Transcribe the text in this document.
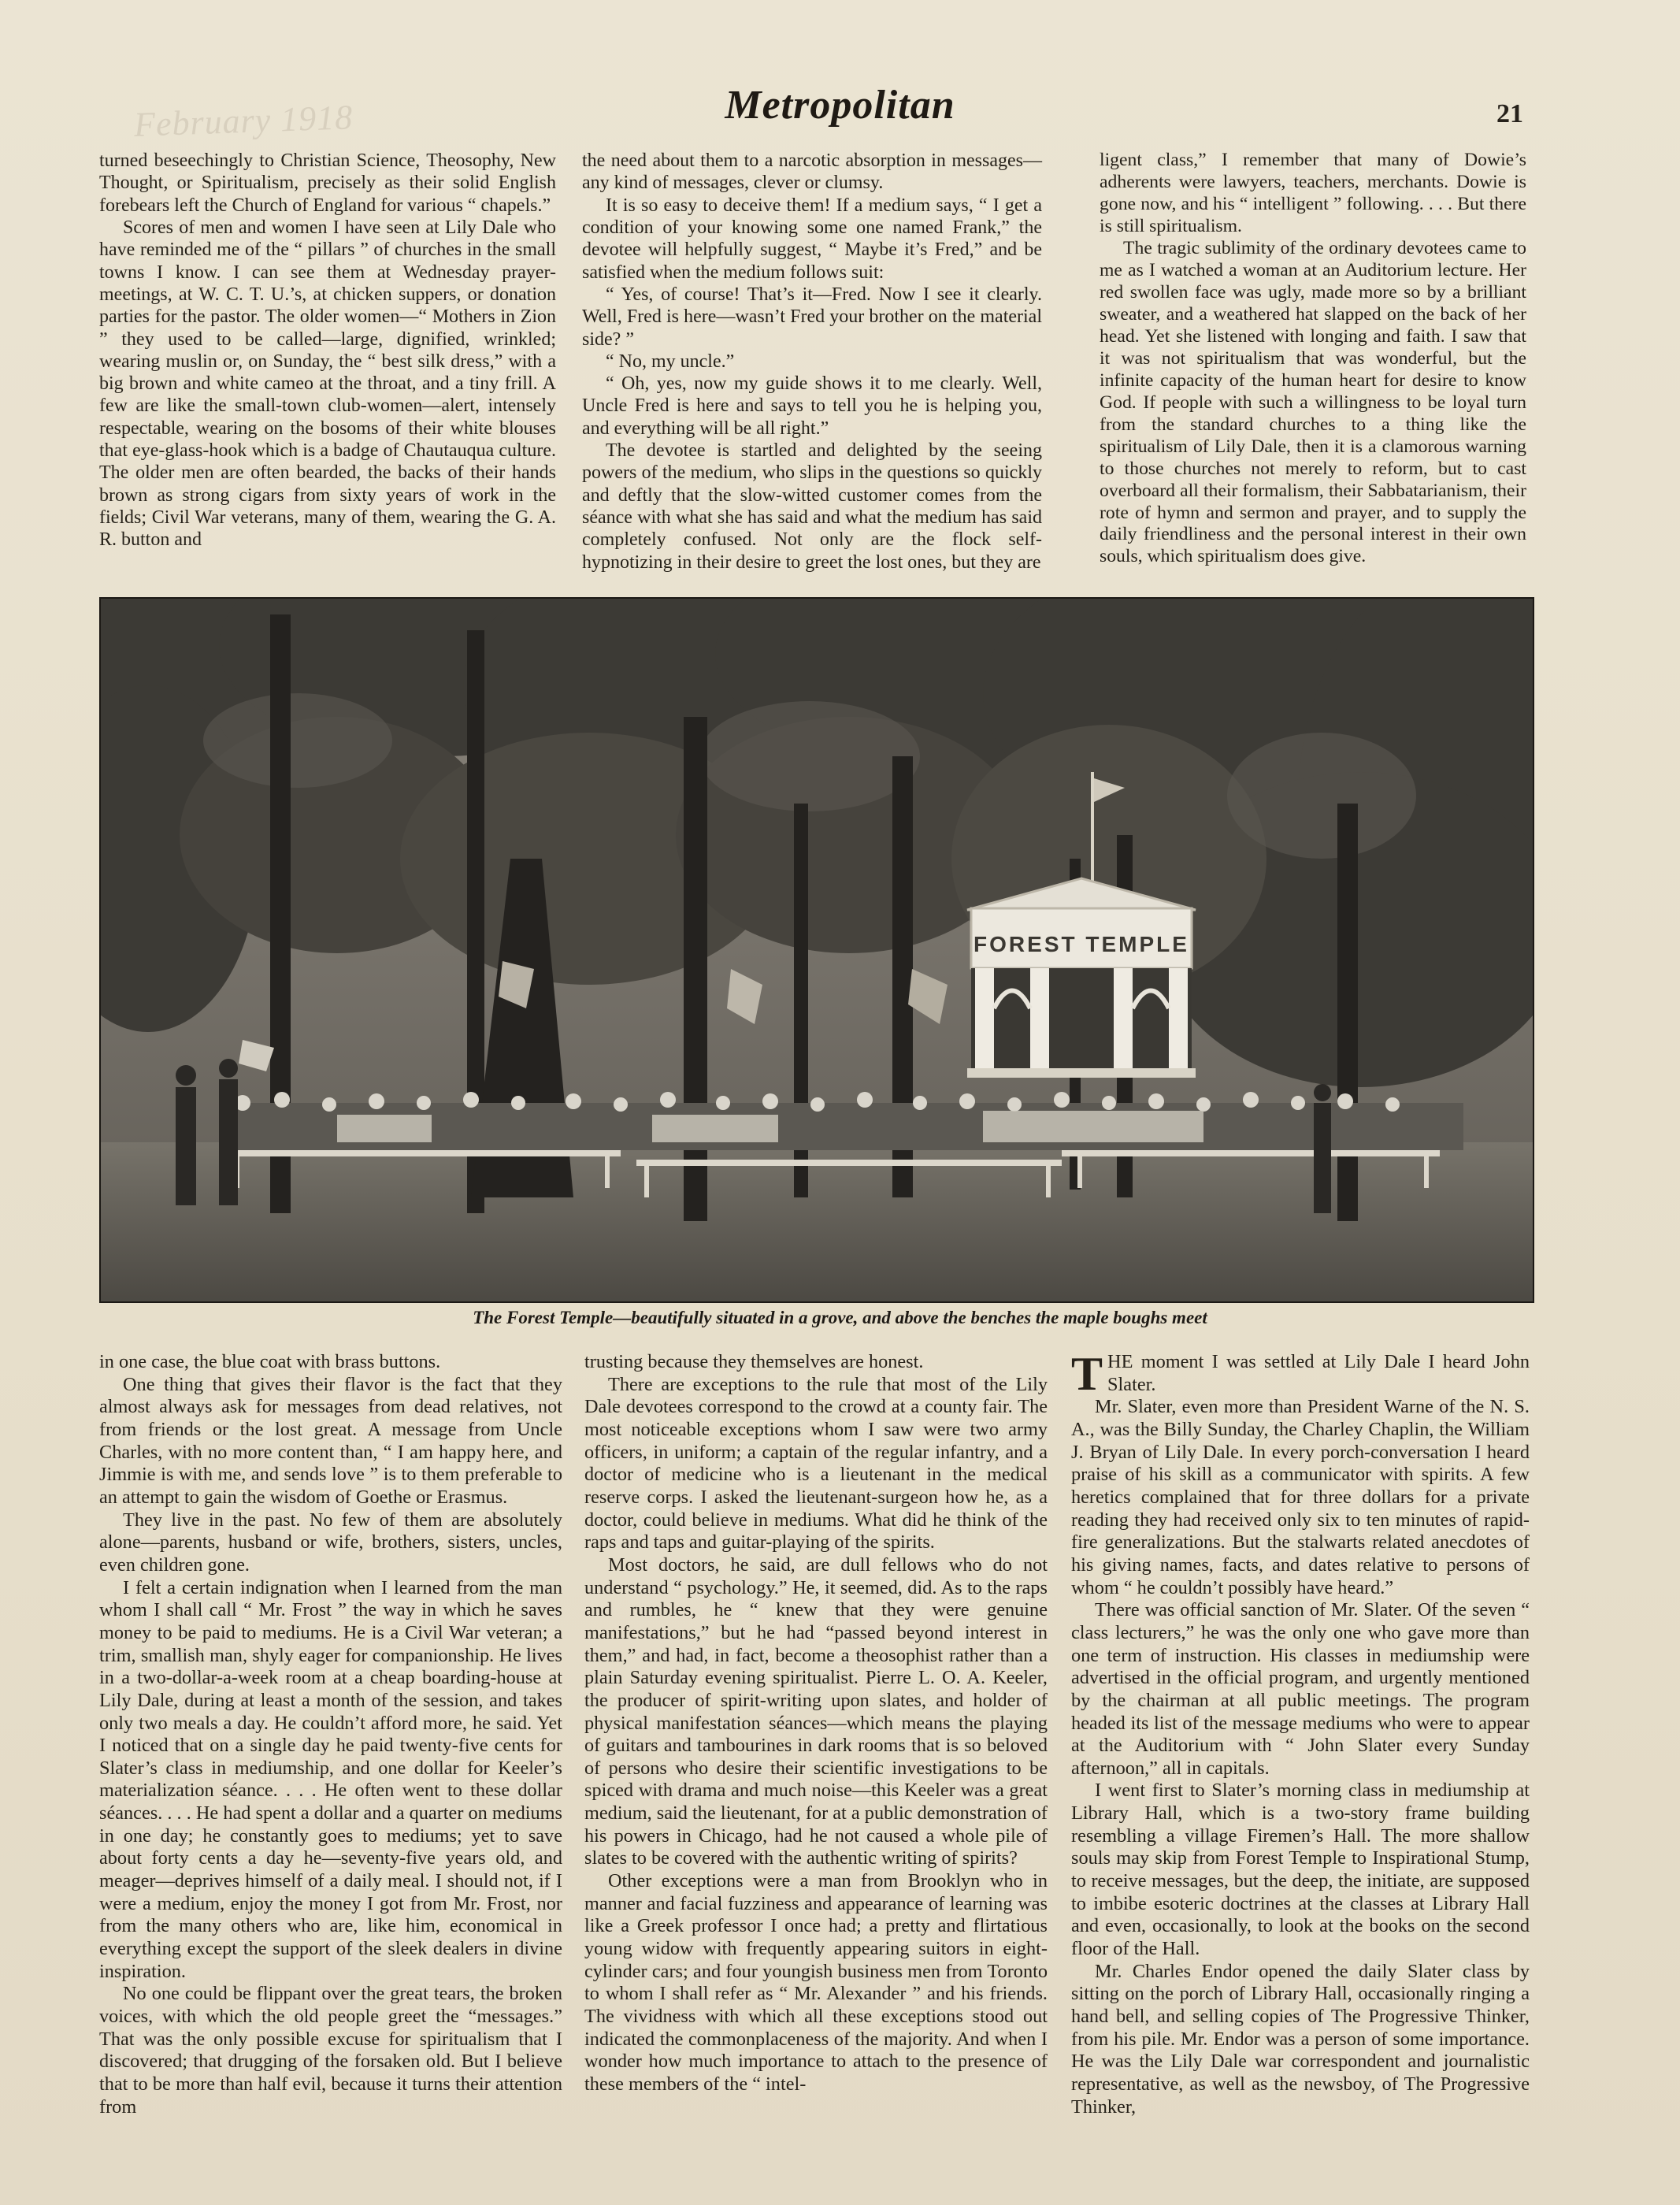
February 1918	Metropolitan	21

turned beseechingly to Christian Science, Theosophy, New Thought, or Spiritualism, precisely as their solid English forebears left the Church of England for various “ chapels.”

Scores of men and women I have seen at Lily Dale who have reminded me of the “ pillars ” of churches in the small towns I know. I can see them at Wednesday prayer-meetings, at W. C. T. U.’s, at chicken suppers, or donation parties for the pastor. The older women—“ Mothers in Zion ” they used to be called—large, dignified, wrinkled; wearing muslin or, on Sunday, the “ best silk dress,” with a big brown and white cameo at the throat, and a tiny frill. A few are like the small-town club-women—alert, intensely respectable, wearing on the bosoms of their white blouses that eye-glass-hook which is a badge of Chautauqua culture. The older men are often bearded, the backs of their hands brown as strong cigars from sixty years of work in the fields; Civil War veterans, many of them, wearing the G. A. R. button and

the need about them to a narcotic absorption in messages—any kind of messages, clever or clumsy.

It is so easy to deceive them! If a medium says, “ I get a condition of your knowing some one named Frank,” the devotee will helpfully suggest, “ Maybe it’s Fred,” and be satisfied when the medium follows suit:

“ Yes, of course! That’s it—Fred. Now I see it clearly. Well, Fred is here—wasn’t Fred your brother on the material side? ”

“ No, my uncle.”

“ Oh, yes, now my guide shows it to me clearly. Well, Uncle Fred is here and says to tell you he is helping you, and everything will be all right.”

The devotee is startled and delighted by the seeing powers of the medium, who slips in the questions so quickly and deftly that the slow-witted customer comes from the séance with what she has said and what the medium has said completely confused. Not only are the flock self-hypnotizing in their desire to greet the lost ones, but they are

ligent class,” I remember that many of Dowie’s adherents were lawyers, teachers, merchants. Dowie is gone now, and his “ intelligent ” following. . . . But there is still spiritualism.

The tragic sublimity of the ordinary devotees came to me as I watched a woman at an Auditorium lecture. Her red swollen face was ugly, made more so by a brilliant sweater, and a weathered hat slapped on the back of her head. Yet she listened with longing and faith. I saw that it was not spiritualism that was wonderful, but the infinite capacity of the human heart for desire to know God. If people with such a willingness to be loyal turn from the standard churches to a thing like the spiritualism of Lily Dale, then it is a clamorous warning to those churches not merely to reform, but to cast overboard all their formalism, their Sabbatarianism, their rote of hymn and sermon and prayer, and to supply the daily friendliness and the personal interest in their own souls, which spiritualism does give.

FOREST TEMPLE
The Forest Temple—beautifully situated in a grove, and above the benches the maple boughs meet

in one case, the blue coat with brass buttons.

One thing that gives their flavor is the fact that they almost always ask for messages from dead relatives, not from friends or the lost great. A message from Uncle Charles, with no more content than, “ I am happy here, and Jimmie is with me, and sends love ” is to them preferable to an attempt to gain the wisdom of Goethe or Erasmus.

They live in the past. No few of them are absolutely alone—parents, husband or wife, brothers, sisters, uncles, even children gone.

I felt a certain indignation when I learned from the man whom I shall call “ Mr. Frost ” the way in which he saves money to be paid to mediums. He is a Civil War veteran; a trim, smallish man, shyly eager for companionship. He lives in a two-dollar-a-week room at a cheap boarding-house at Lily Dale, during at least a month of the session, and takes only two meals a day. He couldn’t afford more, he said. Yet I noticed that on a single day he paid twenty-five cents for Slater’s class in mediumship, and one dollar for Keeler’s materialization séance. . . . He often went to these dollar séances. . . . He had spent a dollar and a quarter on mediums in one day; he constantly goes to mediums; yet to save about forty cents a day he—seventy-five years old, and meager—deprives himself of a daily meal. I should not, if I were a medium, enjoy the money I got from Mr. Frost, nor from the many others who are, like him, economical in everything except the support of the sleek dealers in divine inspiration.

No one could be flippant over the great tears, the broken voices, with which the old people greet the “messages.” That was the only possible excuse for spiritualism that I discovered; that drugging of the forsaken old. But I believe that to be more than half evil, because it turns their attention from

trusting because they themselves are honest.

There are exceptions to the rule that most of the Lily Dale devotees correspond to the crowd at a county fair. The most noticeable exceptions whom I saw were two army officers, in uniform; a captain of the regular infantry, and a doctor of medicine who is a lieutenant in the medical reserve corps. I asked the lieutenant-surgeon how he, as a doctor, could believe in mediums. What did he think of the raps and taps and guitar-playing of the spirits.

Most doctors, he said, are dull fellows who do not understand “ psychology.” He, it seemed, did. As to the raps and rumbles, he “ knew that they were genuine manifestations,” but he had “passed beyond interest in them,” and had, in fact, become a theosophist rather than a plain Saturday evening spiritualist. Pierre L. O. A. Keeler, the producer of spirit-writing upon slates, and holder of physical manifestation séances—which means the playing of guitars and tambourines in dark rooms that is so beloved of persons who desire their scientific investigations to be spiced with drama and much noise—this Keeler was a great medium, said the lieutenant, for at a public demonstration of his powers in Chicago, had he not caused a whole pile of slates to be covered with the authentic writing of spirits?

Other exceptions were a man from Brooklyn who in manner and facial fuzziness and appearance of learning was like a Greek professor I once had; a pretty and flirtatious young widow with frequently appearing suitors in eight-cylinder cars; and four youngish business men from Toronto to whom I shall refer as “ Mr. Alexander ” and his friends. The vividness with which all these exceptions stood out indicated the commonplaceness of the majority. And when I wonder how much importance to attach to the presence of these members of the “ intel-

THE moment I was settled at Lily Dale I heard John Slater.

Mr. Slater, even more than President Warne of the N. S. A., was the Billy Sunday, the Charley Chaplin, the William J. Bryan of Lily Dale. In every porch-conversation I heard praise of his skill as a communicator with spirits. A few heretics complained that for three dollars for a private reading they had received only six to ten minutes of rapid-fire generalizations. But the stalwarts related anecdotes of his giving names, facts, and dates relative to persons of whom “ he couldn’t possibly have heard.”

There was official sanction of Mr. Slater. Of the seven “ class lecturers,” he was the only one who gave more than one term of instruction. His classes in mediumship were advertised in the official program, and urgently mentioned by the chairman at all public meetings. The program headed its list of the message mediums who were to appear at the Auditorium with “ John Slater every Sunday afternoon,” all in capitals.

I went first to Slater’s morning class in mediumship at Library Hall, which is a two-story frame building resembling a village Firemen’s Hall. The more shallow souls may skip from Forest Temple to Inspirational Stump, to receive messages, but the deep, the initiate, are supposed to imbibe esoteric doctrines at the classes at Library Hall and even, occasionally, to look at the books on the second floor of the Hall.

Mr. Charles Endor opened the daily Slater class by sitting on the porch of Library Hall, occasionally ringing a hand bell, and selling copies of The Progressive Thinker, from his pile. Mr. Endor was a person of some importance. He was the Lily Dale war correspondent and journalistic representative, as well as the newsboy, of The Progressive Thinker,
